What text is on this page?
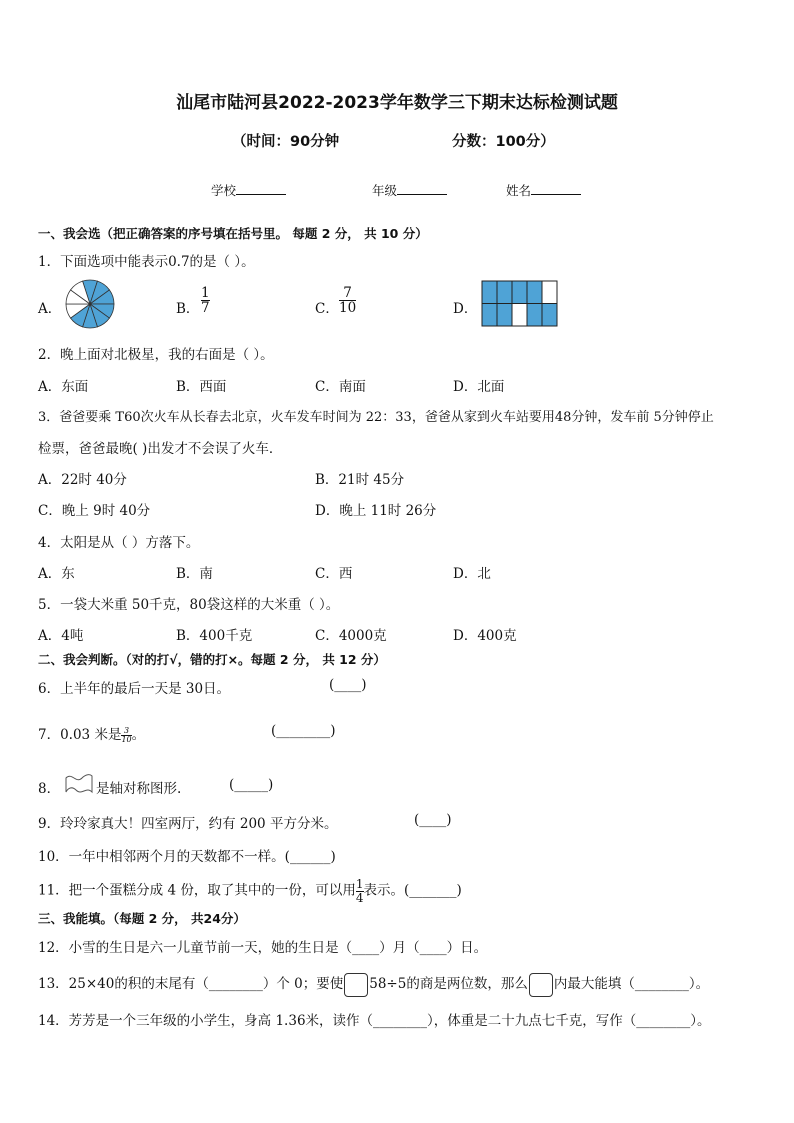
汕尾市陆河县2022-2023学年数学三下期末达标检测试题
（时间：90分钟	分数：100分）
学校	年级	姓名
一、我会选（把正确答案的序号填在括号里。 每题 2 分， 共 10 分）
1．下面选项中能表示0.7的是（ ）。
A．	B． $\frac{1}{7}$	C． $\frac{7}{10}$	D．
2．晚上面对北极星，我的右面是（ ）。
A．东面	B．西面	C．南面	D．北面
3．爸爸要乘 T60次火车从长春去北京，火车发车时间为 22：33，爸爸从家到火车站要用48分钟，发车前 5分钟停止
检票，爸爸最晚( )出发才不会误了火车．
A．22时 40分	B．21时 45分
C．晚上 9时 40分	D．晚上 11时 26分
4．太阳是从（ ）方落下。
A．东	B．南	C．西	D．北
5．一袋大米重 50千克，80袋这样的大米重（ ）。
A．4吨	B．400千克	C．4000克	D．400克
二、我会判断。（对的打√，错的打×。每题 2 分， 共 12 分）
6．上半年的最后一天是 30日。	(____)
7．0.03 米是 $\frac{3}{10}$ 。	(________)
8．	是轴对称图形.	(_____)
9．玲玲家真大！四室两厅，约有 200 平方分米。	(____)
10．一年中相邻两个月的天数都不一样。(______)
11．把一个蛋糕分成 4 份，取了其中的一份，可以用 $\frac{1}{4}$ 表示。(_______)
三、我能填。（每题 2 分， 共24分）
12．小雪的生日是六一儿童节前一天，她的生日是（____）月（____）日。
13．25×40的积的末尾有（________）个 0；要使 58÷5的商是两位数，那么 内最大能填（________）。
14．芳芳是一个三年级的小学生，身高 1.36米，读作（________），体重是二十九点七千克，写作（________）。
